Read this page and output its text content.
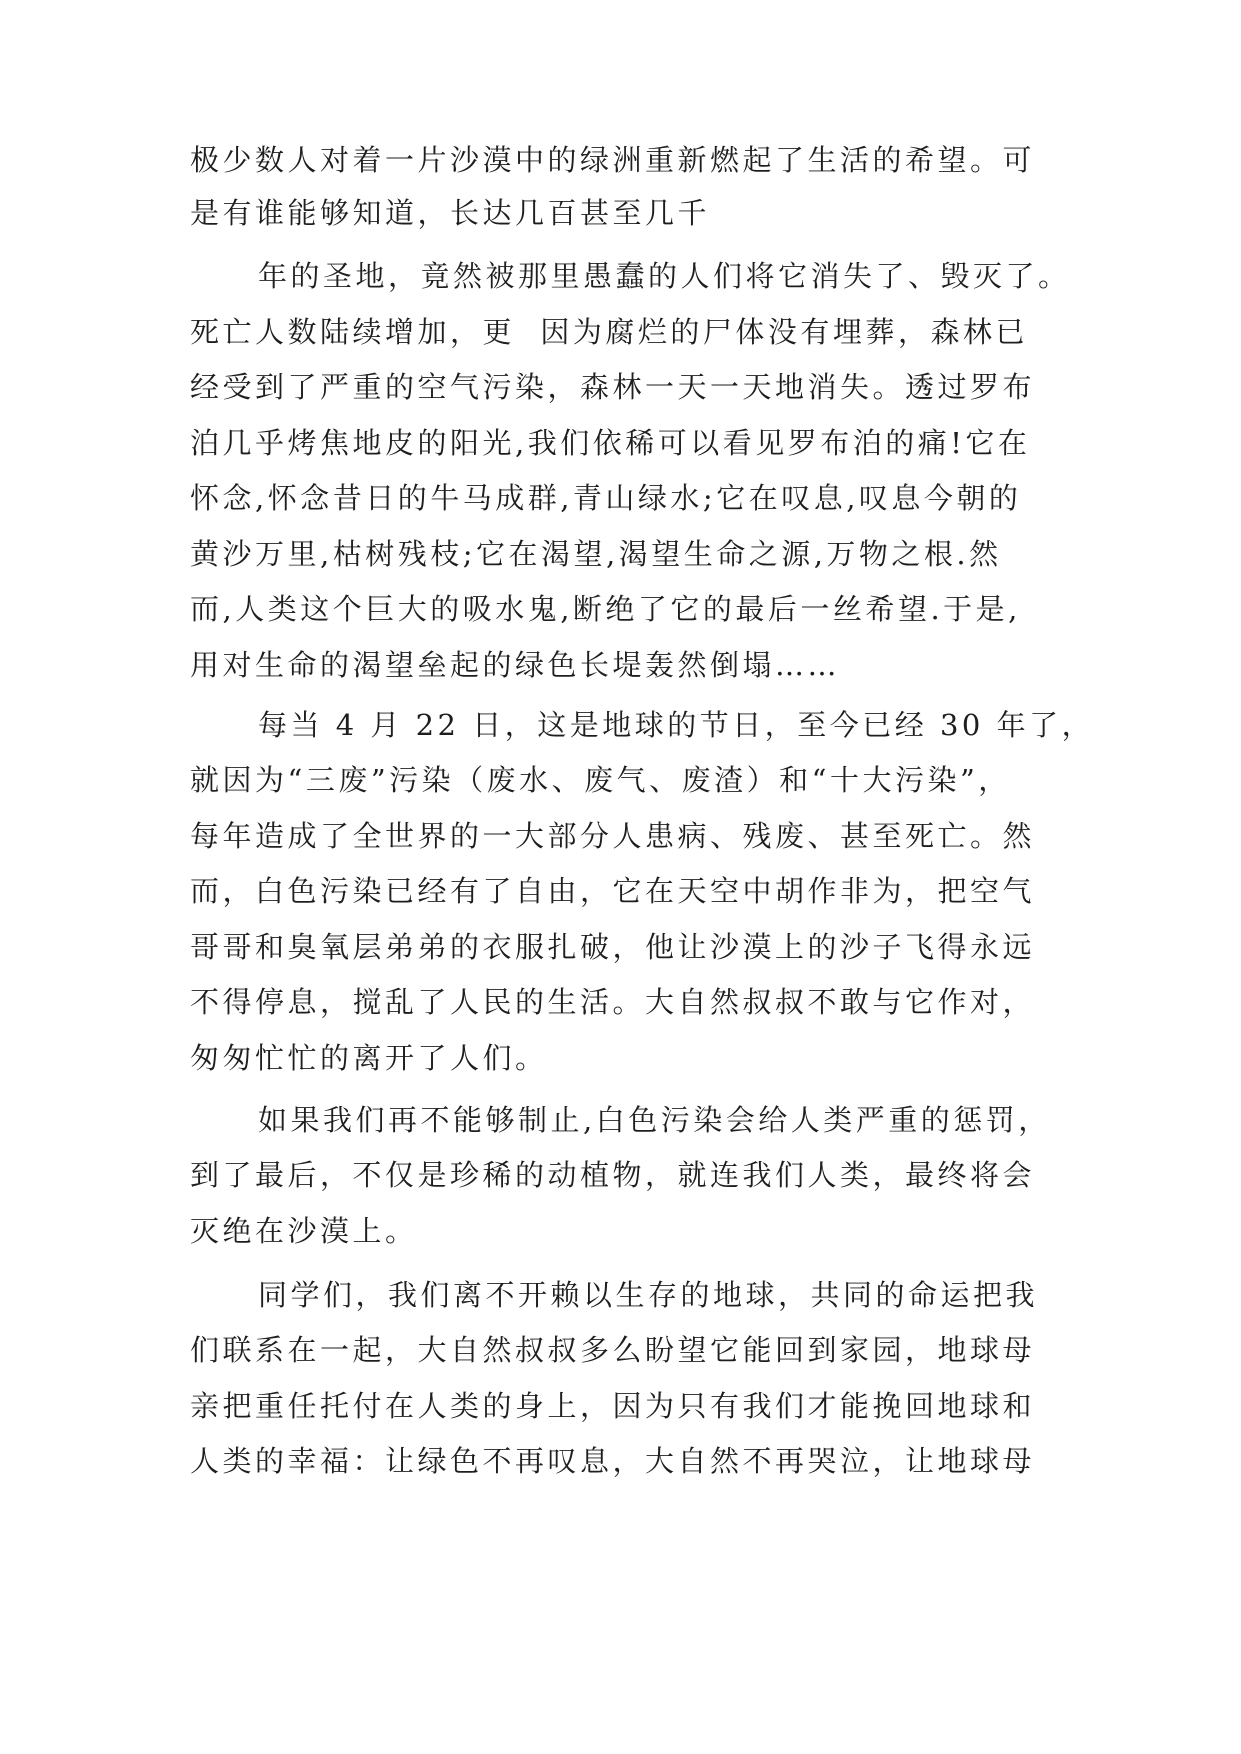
极少数人对着一片沙漠中的绿洲重新燃起了生活的希望。可
是有谁能够知道，长达几百甚至几千
年的圣地，竟然被那里愚蠢的人们将它消失了、毁灭了。
死亡人数陆续增加，更  因为腐烂的尸体没有埋葬，森林已
经受到了严重的空气污染，森林一天一天地消失。透过罗布
泊几乎烤焦地皮的阳光,我们依稀可以看见罗布泊的痛!它在
怀念,怀念昔日的牛马成群,青山绿水;它在叹息,叹息今朝的
黄沙万里,枯树残枝;它在渴望,渴望生命之源,万物之根.然
而,人类这个巨大的吸水鬼,断绝了它的最后一丝希望.于是,
用对生命的渴望垒起的绿色长堤轰然倒塌……
每当 4 月 22 日，这是地球的节日，至今已经 30 年了，
就因为“三废”污染（废水、废气、废渣）和“十大污染”，
每年造成了全世界的一大部分人患病、残废、甚至死亡。然
而，白色污染已经有了自由，它在天空中胡作非为，把空气
哥哥和臭氧层弟弟的衣服扎破，他让沙漠上的沙子飞得永远
不得停息，搅乱了人民的生活。大自然叔叔不敢与它作对，
匆匆忙忙的离开了人们。
如果我们再不能够制止,白色污染会给人类严重的惩罚，
到了最后，不仅是珍稀的动植物，就连我们人类，最终将会
灭绝在沙漠上。
同学们，我们离不开赖以生存的地球，共同的命运把我
们联系在一起，大自然叔叔多么盼望它能回到家园，地球母
亲把重任托付在人类的身上，因为只有我们才能挽回地球和
人类的幸福：让绿色不再叹息，大自然不再哭泣，让地球母
